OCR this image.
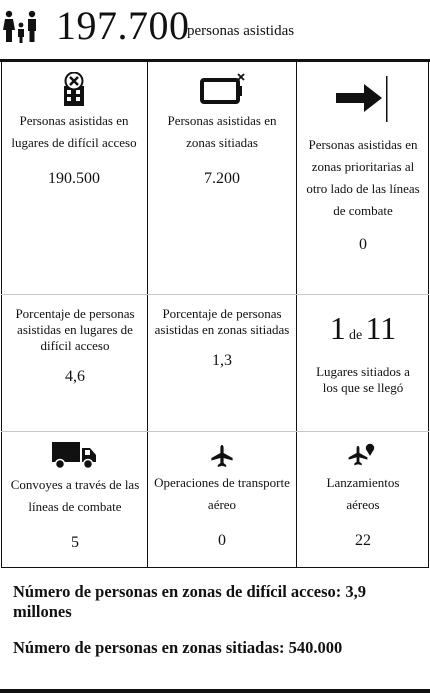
197.700
personas asistidas
Personas asistidas en lugares de difícil acceso
190.500
Personas asistidas en zonas sitiadas
7.200
Personas asistidas en zonas prioritarias al otro lado de las líneas de combate
0
Porcentaje de personas asistidas en lugares de difícil acceso
4,6
Porcentaje de personas asistidas en zonas sitiadas
1,3
1 de 11
Lugares sitiados a los que se llegó
Convoyes a través de las líneas de combate
5
Operaciones de transporte aéreo
0
Lanzamientos aéreos
22
Número de personas en zonas de difícil acceso: 3,9 millones
Número de personas en zonas sitiadas: 540.000
